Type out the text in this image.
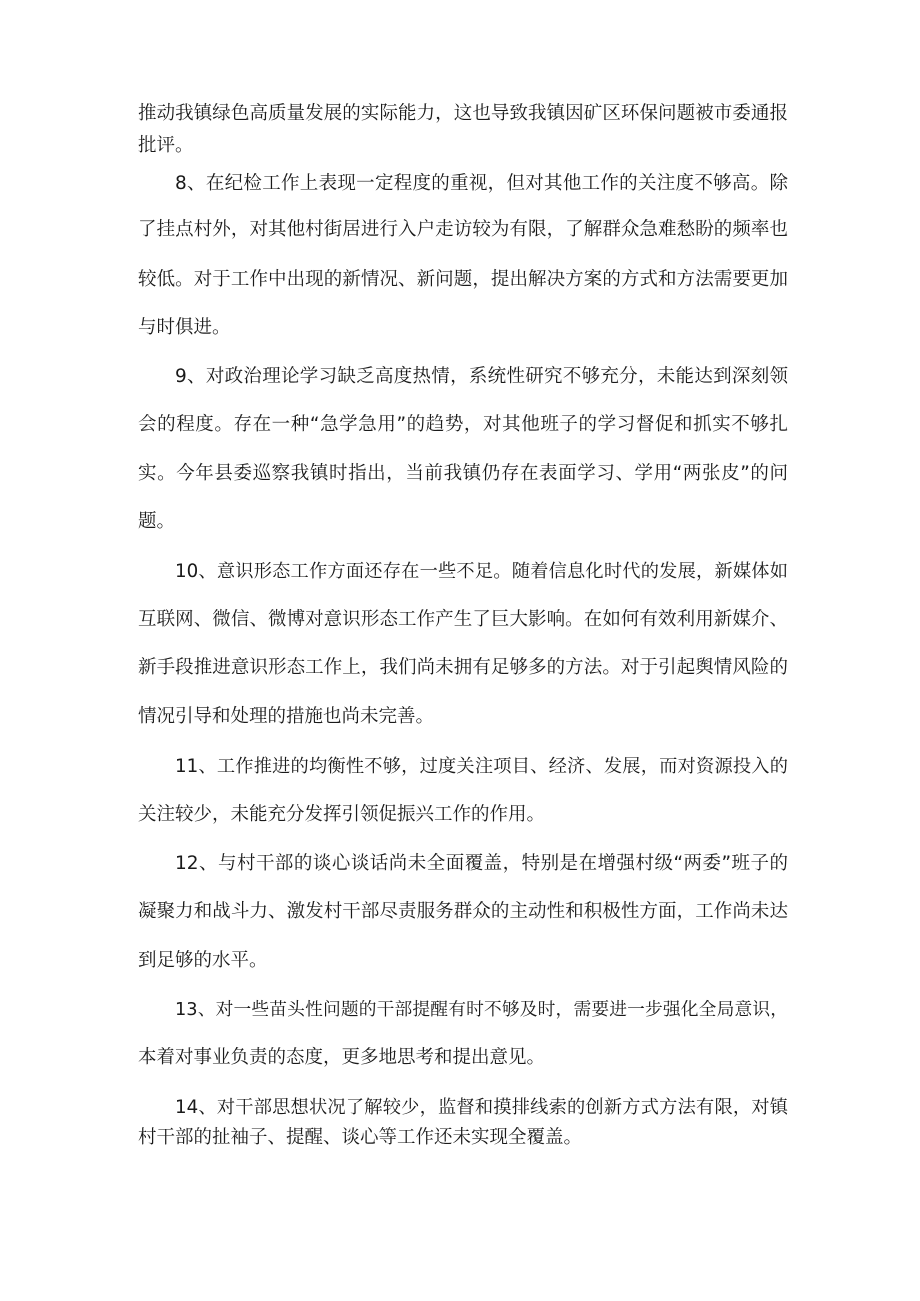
推动我镇绿色高质量发展的实际能力，这也导致我镇因矿区环保问题被市委通报
批评。
8、在纪检工作上表现一定程度的重视，但对其他工作的关注度不够高。除
了挂点村外，对其他村街居进行入户走访较为有限，了解群众急难愁盼的频率也
较低。对于工作中出现的新情况、新问题，提出解决方案的方式和方法需要更加
与时俱进。
9、对政治理论学习缺乏高度热情，系统性研究不够充分，未能达到深刻领
会的程度。存在一种“急学急用”的趋势，对其他班子的学习督促和抓实不够扎
实。今年县委巡察我镇时指出，当前我镇仍存在表面学习、学用“两张皮”的问
题。
10、意识形态工作方面还存在一些不足。随着信息化时代的发展，新媒体如
互联网、微信、微博对意识形态工作产生了巨大影响。在如何有效利用新媒介、
新手段推进意识形态工作上，我们尚未拥有足够多的方法。对于引起舆情风险的
情况引导和处理的措施也尚未完善。
11、工作推进的均衡性不够，过度关注项目、经济、发展，而对资源投入的
关注较少，未能充分发挥引领促振兴工作的作用。
12、与村干部的谈心谈话尚未全面覆盖，特别是在增强村级“两委”班子的
凝聚力和战斗力、激发村干部尽责服务群众的主动性和积极性方面，工作尚未达
到足够的水平。
13、对一些苗头性问题的干部提醒有时不够及时，需要进一步强化全局意识，
本着对事业负责的态度，更多地思考和提出意见。
14、对干部思想状况了解较少，监督和摸排线索的创新方式方法有限，对镇
村干部的扯袖子、提醒、谈心等工作还未实现全覆盖。
